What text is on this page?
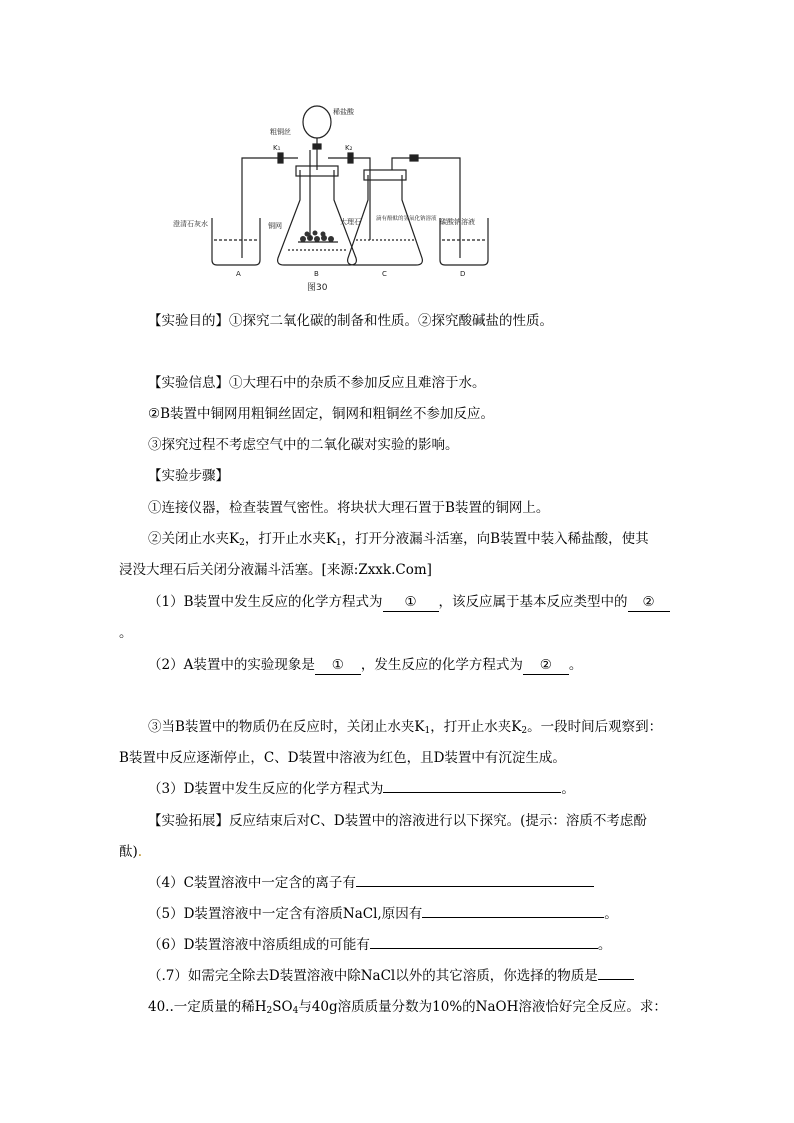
稀盐酸
粗铜丝
K₁	K₂
澄清石灰水	铜网	大理石	滴有酚酞的氢氧化钠溶液 碳酸钠溶液
A	B	C	D
图30
【实验目的】①探究二氧化碳的制备和性质。②探究酸碱盐的性质。
【实验信息】①大理石中的杂质不参加反应且难溶于水。
②B装置中铜网用粗铜丝固定，铜网和粗铜丝不参加反应。
③探究过程不考虑空气中的二氧化碳对实验的影响。
【实验步骤】
①连接仪器，检查装置气密性。将块状大理石置于B装置的铜网上。
②关闭止水夹$K_2$，打开止水夹$K_1$，打开分液漏斗活塞，向B装置中装入稀盐酸，使其
浸没大理石后关闭分液漏斗活塞。[来源:Zxxk.Com]
（1）B装置中发生反应的化学方程式为 ① ，该反应属于基本反应类型中的 ②
。
（2）A装置中的实验现象是 ① ，发生反应的化学方程式为 ② 。
③当B装置中的物质仍在反应时，关闭止水夹$K_1$，打开止水夹$K_2$。一段时间后观察到：
B装置中反应逐渐停止，C、D装置中溶液为红色，且D装置中有沉淀生成。
（3）D装置中发生反应的化学方程式为	。
【实验拓展】反应结束后对C、D装置中的溶液进行以下探究。(提示：溶质不考虑酚
酞).
（4）C装置溶液中一定含的离子有
（5）D装置溶液中一定含有溶质NaCl,原因有	。
（6）D装置溶液中溶质组成的可能有	。
（.7）如需完全除去D装置溶液中除NaCl以外的其它溶质，你选择的物质是
40..一定质量的稀$H_2SO_4$与40g溶质质量分数为10%的NaOH溶液恰好完全反应。求：
